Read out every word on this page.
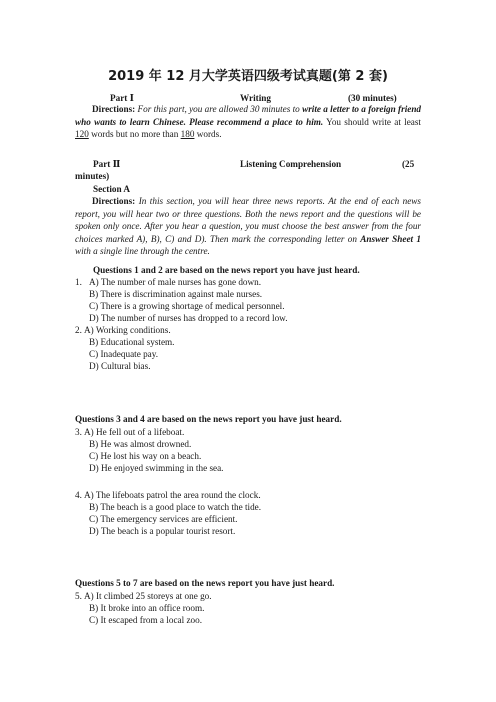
2019 年 12 月大学英语四级考试真题(第 2 套)
Part Ⅰ	Writing	(30 minutes)
Directions: For this part, you are allowed 30 minutes to write a letter to a foreign friend who wants to learn Chinese. Please recommend a place to him. You should write at least 120 words but no more than 180 words.
Part Ⅱ	Listening Comprehension	(25
minutes)
Section A
Directions: In this section, you will hear three news reports. At the end of each news report, you will hear two or three questions. Both the news report and the questions will be spoken only once. After you hear a question, you must choose the best answer from the four choices marked A), B), C) and D). Then mark the corresponding letter on Answer Sheet 1 with a single line through the centre.
Questions 1 and 2 are based on the news report you have just heard.
1. A) The number of male nurses has gone down.
B) There is discrimination against male nurses.
C) There is a growing shortage of medical personnel.
D) The number of nurses has dropped to a record low.
2. A) Working conditions.
B) Educational system.
C) Inadequate pay.
D) Cultural bias.
Questions 3 and 4 are based on the news report you have just heard.
3. A) He fell out of a lifeboat.
B) He was almost drowned.
C) He lost his way on a beach.
D) He enjoyed swimming in the sea.
4. A) The lifeboats patrol the area round the clock.
B) The beach is a good place to watch the tide.
C) The emergency services are efficient.
D) The beach is a popular tourist resort.
Questions 5 to 7 are based on the news report you have just heard.
5. A) It climbed 25 storeys at one go.
B) It broke into an office room.
C) It escaped from a local zoo.
